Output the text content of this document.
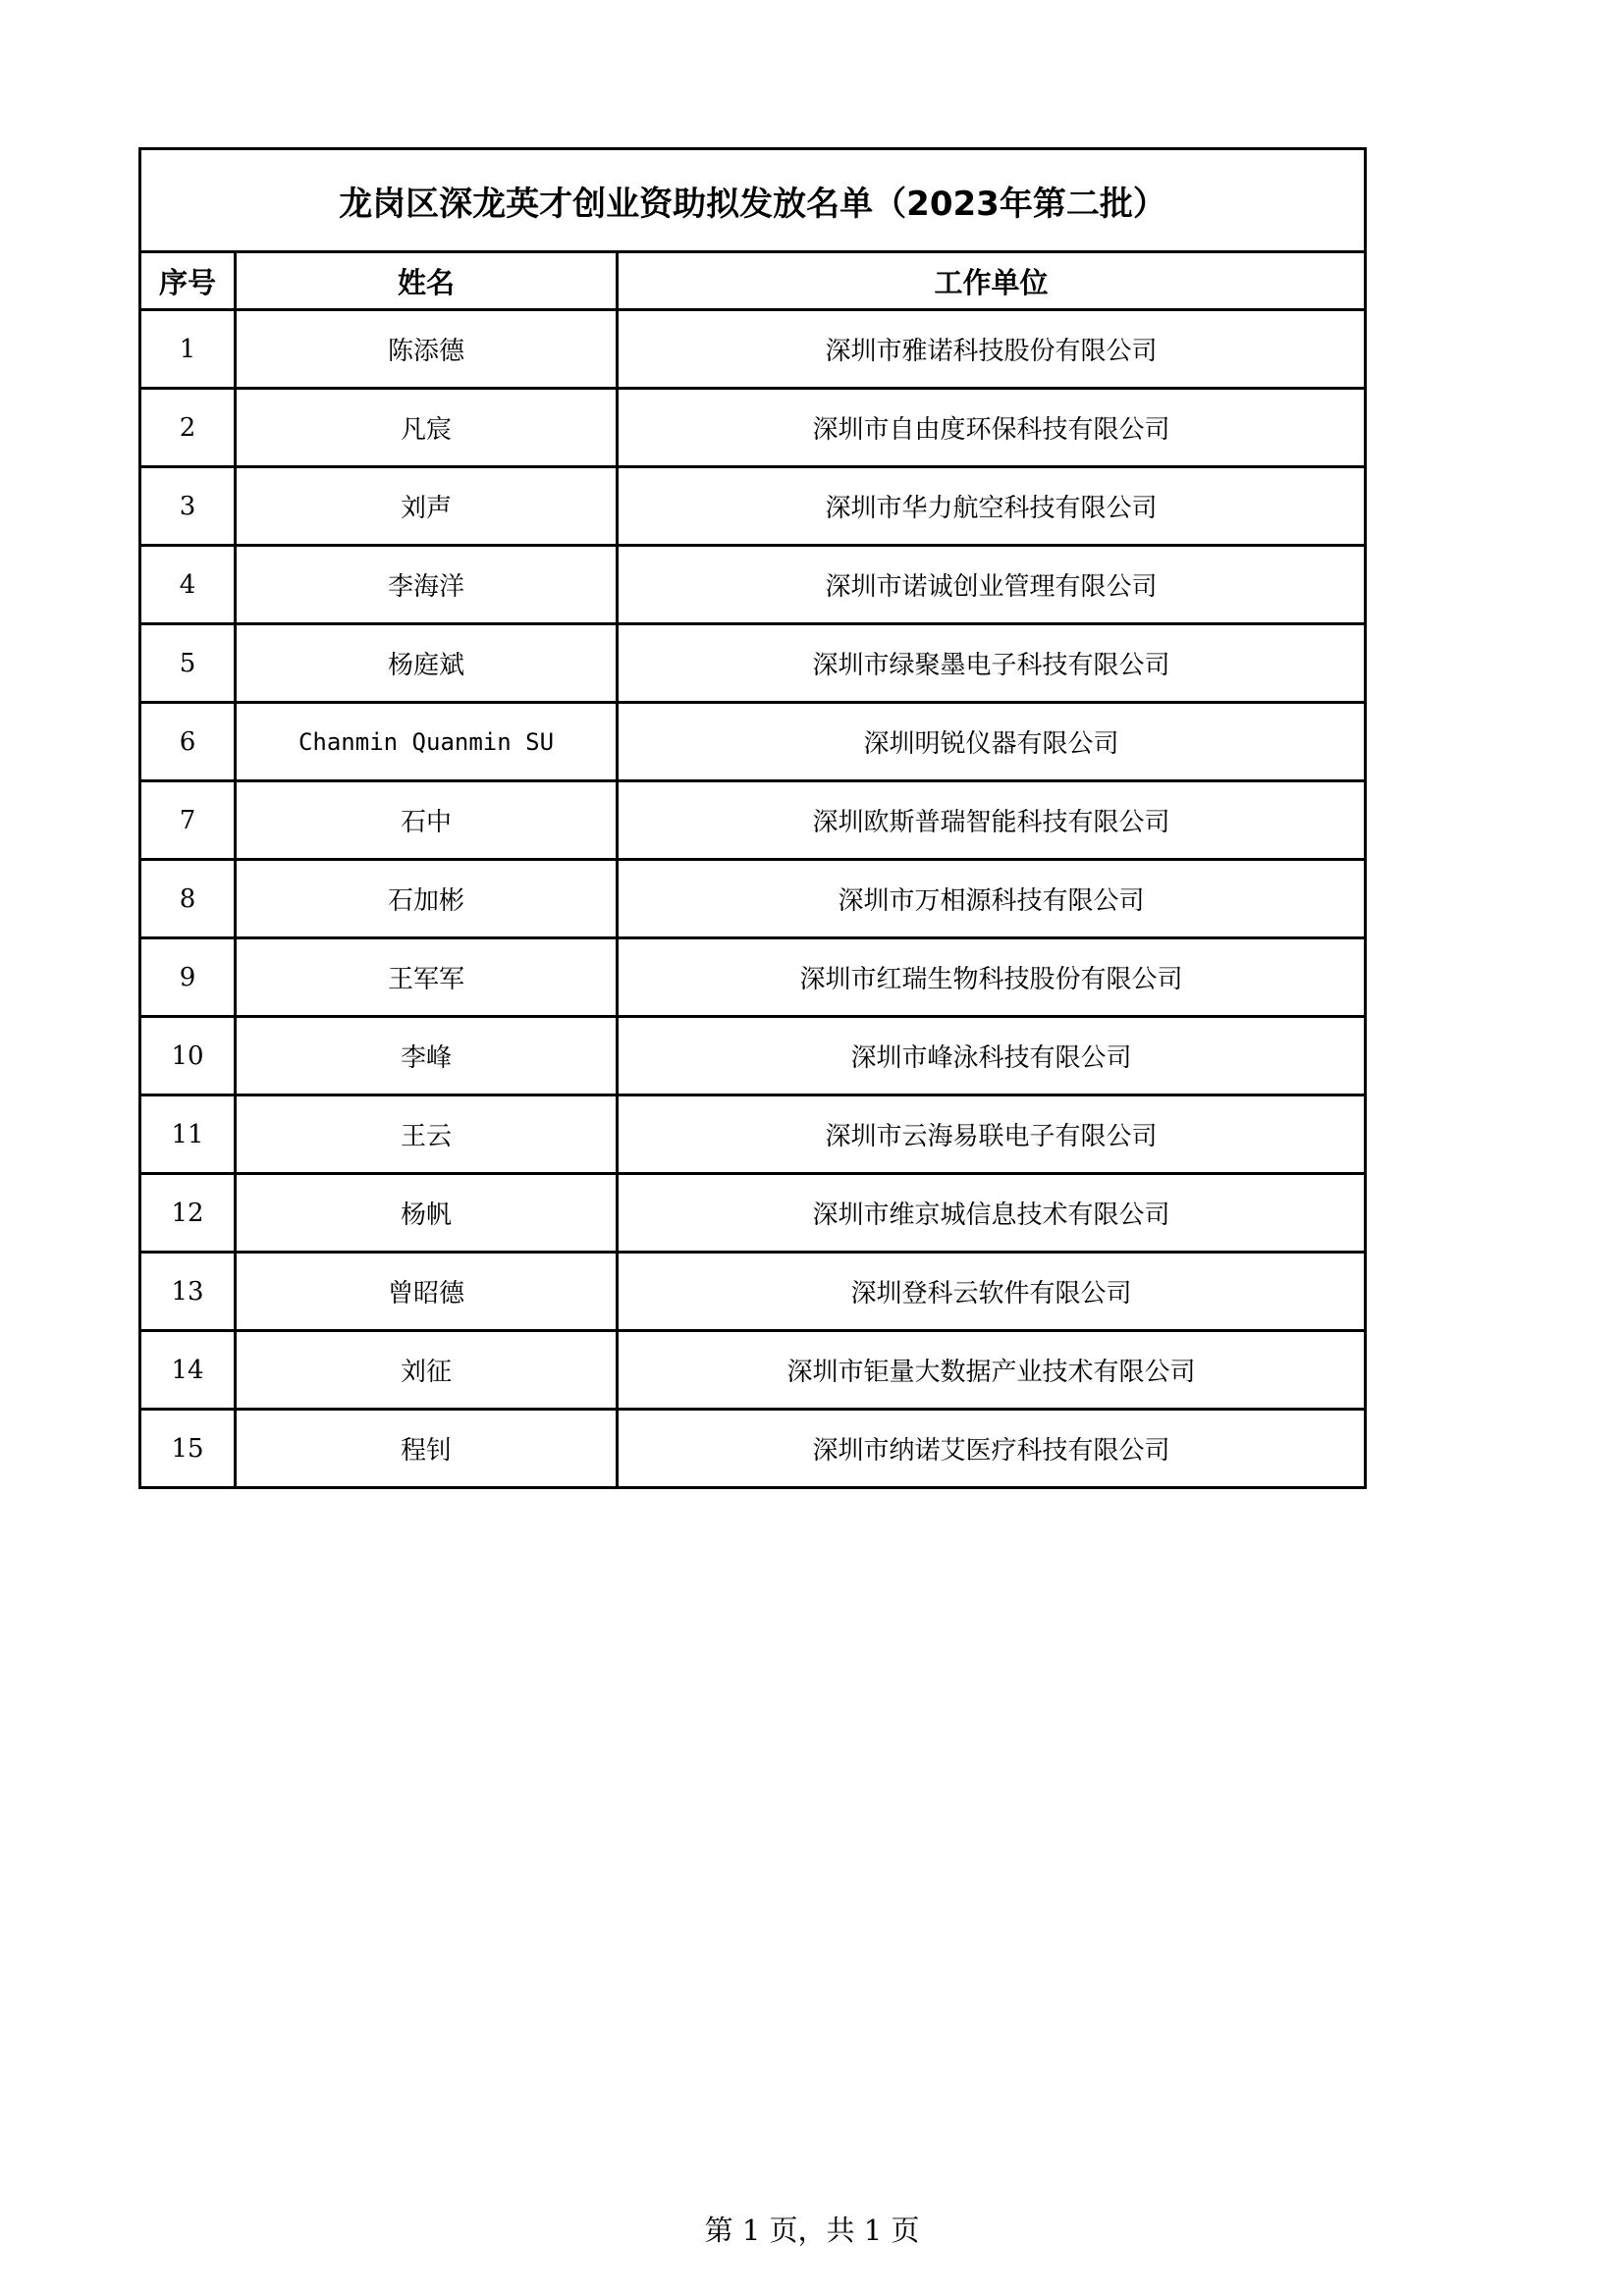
龙岗区深龙英才创业资助拟发放名单（2023年第二批）		
序号	姓名	工作单位
1	陈添德	深圳市雅诺科技股份有限公司
2	凡宸	深圳市自由度环保科技有限公司
3	刘声	深圳市华力航空科技有限公司
4	李海洋	深圳市诺诚创业管理有限公司
5	杨庭斌	深圳市绿聚墨电子科技有限公司
6	Chanmin Quanmin SU	深圳明锐仪器有限公司
7	石中	深圳欧斯普瑞智能科技有限公司
8	石加彬	深圳市万相源科技有限公司
9	王军军	深圳市红瑞生物科技股份有限公司
10	李峰	深圳市峰泳科技有限公司
11	王云	深圳市云海易联电子有限公司
12	杨帆	深圳市维京城信息技术有限公司
13	曾昭德	深圳登科云软件有限公司
14	刘征	深圳市钜量大数据产业技术有限公司
15	程钊	深圳市纳诺艾医疗科技有限公司
第 1 页，共 1 页
